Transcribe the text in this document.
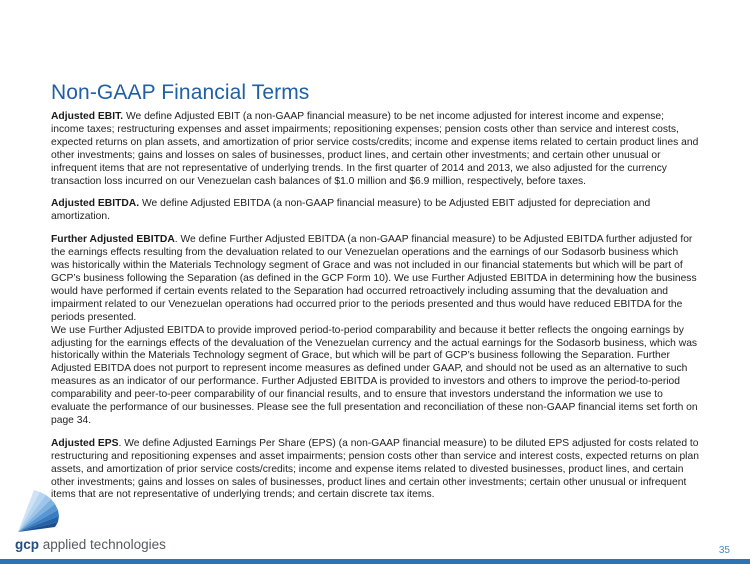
Non-GAAP Financial Terms

Adjusted EBIT. We define Adjusted EBIT (a non-GAAP financial measure) to be net income adjusted for interest income and expense; income taxes; restructuring expenses and asset impairments; repositioning expenses; pension costs other than service and interest costs, expected returns on plan assets, and amortization of prior service costs/credits; income and expense items related to certain product lines and other investments; gains and losses on sales of businesses, product lines, and certain other investments; and certain other unusual or infrequent items that are not representative of underlying trends. In the first quarter of 2014 and 2013, we also adjusted for the currency transaction loss incurred on our Venezuelan cash balances of $1.0 million and $6.9 million, respectively, before taxes.

Adjusted EBITDA. We define Adjusted EBITDA (a non-GAAP financial measure) to be Adjusted EBIT adjusted for depreciation and amortization.

Further Adjusted EBITDA. We define Further Adjusted EBITDA (a non-GAAP financial measure) to be Adjusted EBITDA further adjusted for the earnings effects resulting from the devaluation related to our Venezuelan operations and the earnings of our Sodasorb business which was historically within the Materials Technology segment of Grace and was not included in our financial statements but which will be part of GCP’s business following the Separation (as defined in the GCP Form 10). We use Further Adjusted EBITDA in determining how the business would have performed if certain events related to the Separation had occurred retroactively including assuming that the devaluation and impairment related to our Venezuelan operations had occurred prior to the periods presented and thus would have reduced EBITDA for the periods presented.

We use Further Adjusted EBITDA to provide improved period-to-period comparability and because it better reflects the ongoing earnings by adjusting for the earnings effects of the devaluation of the Venezuelan currency and the actual earnings for the Sodasorb business, which was historically within the Materials Technology segment of Grace, but which will be part of GCP’s business following the Separation. Further Adjusted EBITDA does not purport to represent income measures as defined under GAAP, and should not be used as an alternative to such measures as an indicator of our performance. Further Adjusted EBITDA is provided to investors and others to improve the period-to-period comparability and peer-to-peer comparability of our financial results, and to ensure that investors understand the information we use to evaluate the performance of our businesses. Please see the full presentation and reconciliation of these non-GAAP financial items set forth on page 34.

Adjusted EPS. We define Adjusted Earnings Per Share (EPS) (a non-GAAP financial measure) to be diluted EPS adjusted for costs related to restructuring and repositioning expenses and asset impairments; pension costs other than service and interest costs, expected returns on plan assets, and amortization of prior service costs/credits; income and expense items related to divested businesses, product lines, and certain other investments; gains and losses on sales of businesses, product lines and certain other investments; certain other unusual or infrequent items that are not representative of underlying trends; and certain discrete tax items.

gcp applied technologies	35
